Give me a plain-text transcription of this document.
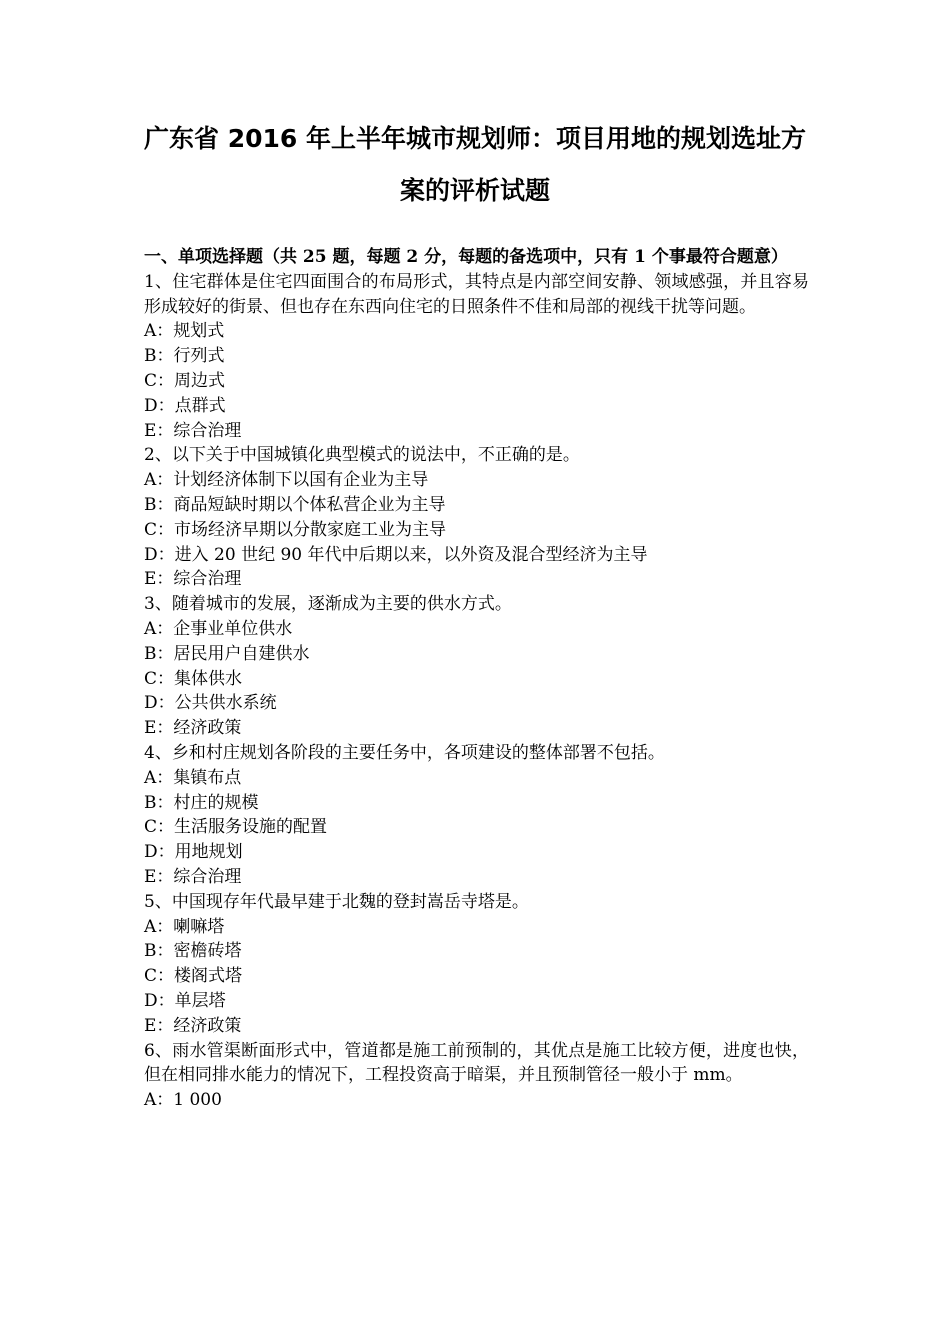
广东省 2016 年上半年城市规划师：项目用地的规划选址方
案的评析试题

一、单项选择题（共 25 题，每题 2 分，每题的备选项中，只有 1 个事最符合题意）

1、住宅群体是住宅四面围合的布局形式，其特点是内部空间安静、领域感强，并且容易形成较好的街景、但也存在东西向住宅的日照条件不佳和局部的视线干扰等问题。

A：规划式
B：行列式
C：周边式
D：点群式
E：综合治理

2、以下关于中国城镇化典型模式的说法中，不正确的是。

A：计划经济体制下以国有企业为主导
B：商品短缺时期以个体私营企业为主导
C：市场经济早期以分散家庭工业为主导
D：进入 20 世纪 90 年代中后期以来，以外资及混合型经济为主导
E：综合治理

3、随着城市的发展，逐渐成为主要的供水方式。

A：企事业单位供水
B：居民用户自建供水
C：集体供水
D：公共供水系统
E：经济政策

4、乡和村庄规划各阶段的主要任务中，各项建设的整体部署不包括。

A：集镇布点
B：村庄的规模
C：生活服务设施的配置
D：用地规划
E：综合治理

5、中国现存年代最早建于北魏的登封嵩岳寺塔是。

A：喇嘛塔
B：密檐砖塔
C：楼阁式塔
D：单层塔
E：经济政策

6、雨水管渠断面形式中，管道都是施工前预制的，其优点是施工比较方便，进度也快，但在相同排水能力的情况下，工程投资高于暗渠，并且预制管径一般小于 mm。

A：1 000
